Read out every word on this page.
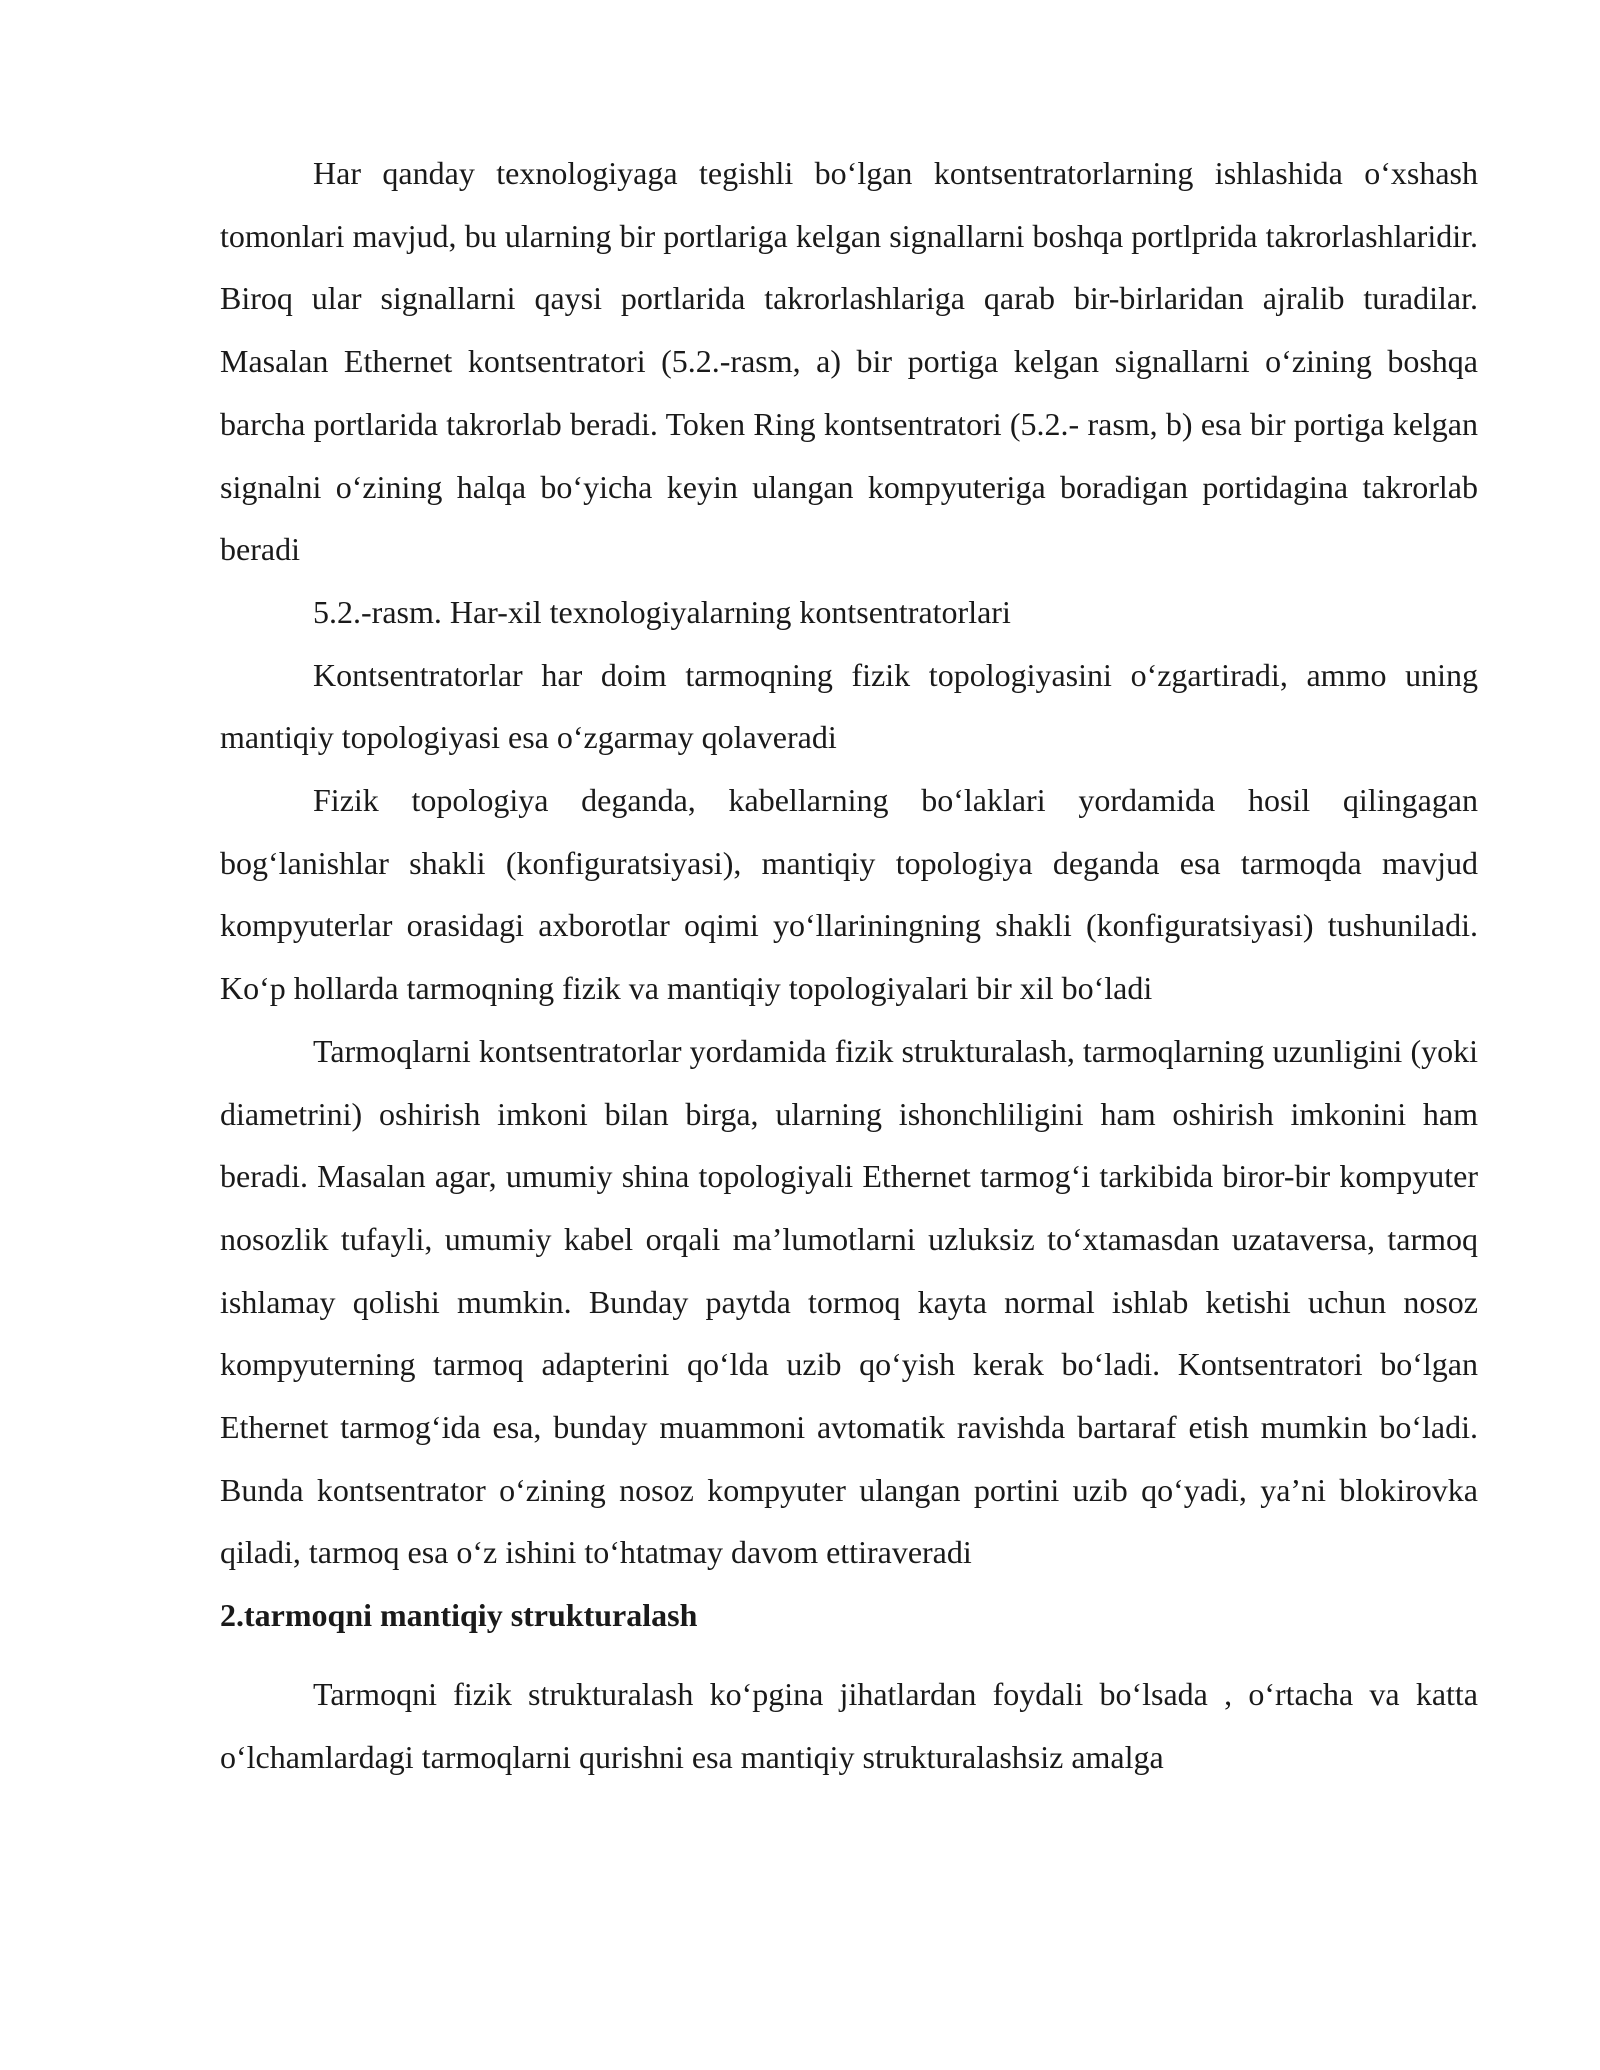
Har qanday texnologiyaga tegishli bo‘lgan kontsentratorlarning ishlashida o‘xshash tomonlari mavjud, bu ularning bir portlariga kelgan signallarni boshqa portlprida takrorlashlaridir. Biroq ular signallarni qaysi portlarida takrorlashlariga qarab bir-birlaridan ajralib turadilar. Masalan Ethernet kontsentratori (5.2.-rasm, a) bir portiga kelgan signallarni o‘zining boshqa barcha portlarida takrorlab beradi. Token Ring kontsentratori (5.2.- rasm, b) esa bir portiga kelgan signalni o‘zining halqa bo‘yicha keyin ulangan kompyuteriga boradigan portidagina takrorlab beradi

5.2.-rasm. Har-xil texnologiyalarning kontsentratorlari

Kontsentratorlar har doim tarmoqning fizik topologiyasini o‘zgartiradi, ammo uning mantiqiy topologiyasi esa o‘zgarmay qolaveradi

Fizik topologiya deganda, kabellarning bo‘laklari yordamida hosil qilingagan bog‘lanishlar shakli (konfiguratsiyasi), mantiqiy topologiya deganda esa tarmoqda mavjud kompyuterlar orasidagi axborotlar oqimi yo‘llariningning shakli (konfiguratsiyasi) tushuniladi. Ko‘p hollarda tarmoqning fizik va mantiqiy topologiyalari bir xil bo‘ladi

Tarmoqlarni kontsentratorlar yordamida fizik strukturalash, tarmoqlarning uzunligini (yoki diametrini) oshirish imkoni bilan birga, ularning ishonchliligini ham oshirish imkonini ham beradi. Masalan agar, umumiy shina topologiyali Ethernet tarmog‘i tarkibida biror-bir kompyuter nosozlik tufayli, umumiy kabel orqali ma’lumotlarni uzluksiz to‘xtamasdan uzataversa, tarmoq ishlamay qolishi mumkin. Bunday paytda tormoq kayta normal ishlab ketishi uchun nosoz kompyuterning tarmoq adapterini qo‘lda uzib qo‘yish kerak bo‘ladi. Kontsentratori bo‘lgan Ethernet tarmog‘ida esa, bunday muammoni avtomatik ravishda bartaraf etish mumkin bo‘ladi. Bunda kontsentrator o‘zining nosoz kompyuter ulangan portini uzib qo‘yadi, ya’ni blokirovka qiladi, tarmoq esa o‘z ishini to‘htatmay davom ettiraveradi

2.tarmoqni mantiqiy strukturalash

Tarmoqni fizik strukturalash ko‘pgina jihatlardan foydali bo‘lsada , o‘rtacha va katta o‘lchamlardagi tarmoqlarni qurishni esa mantiqiy strukturalashsiz amalga
